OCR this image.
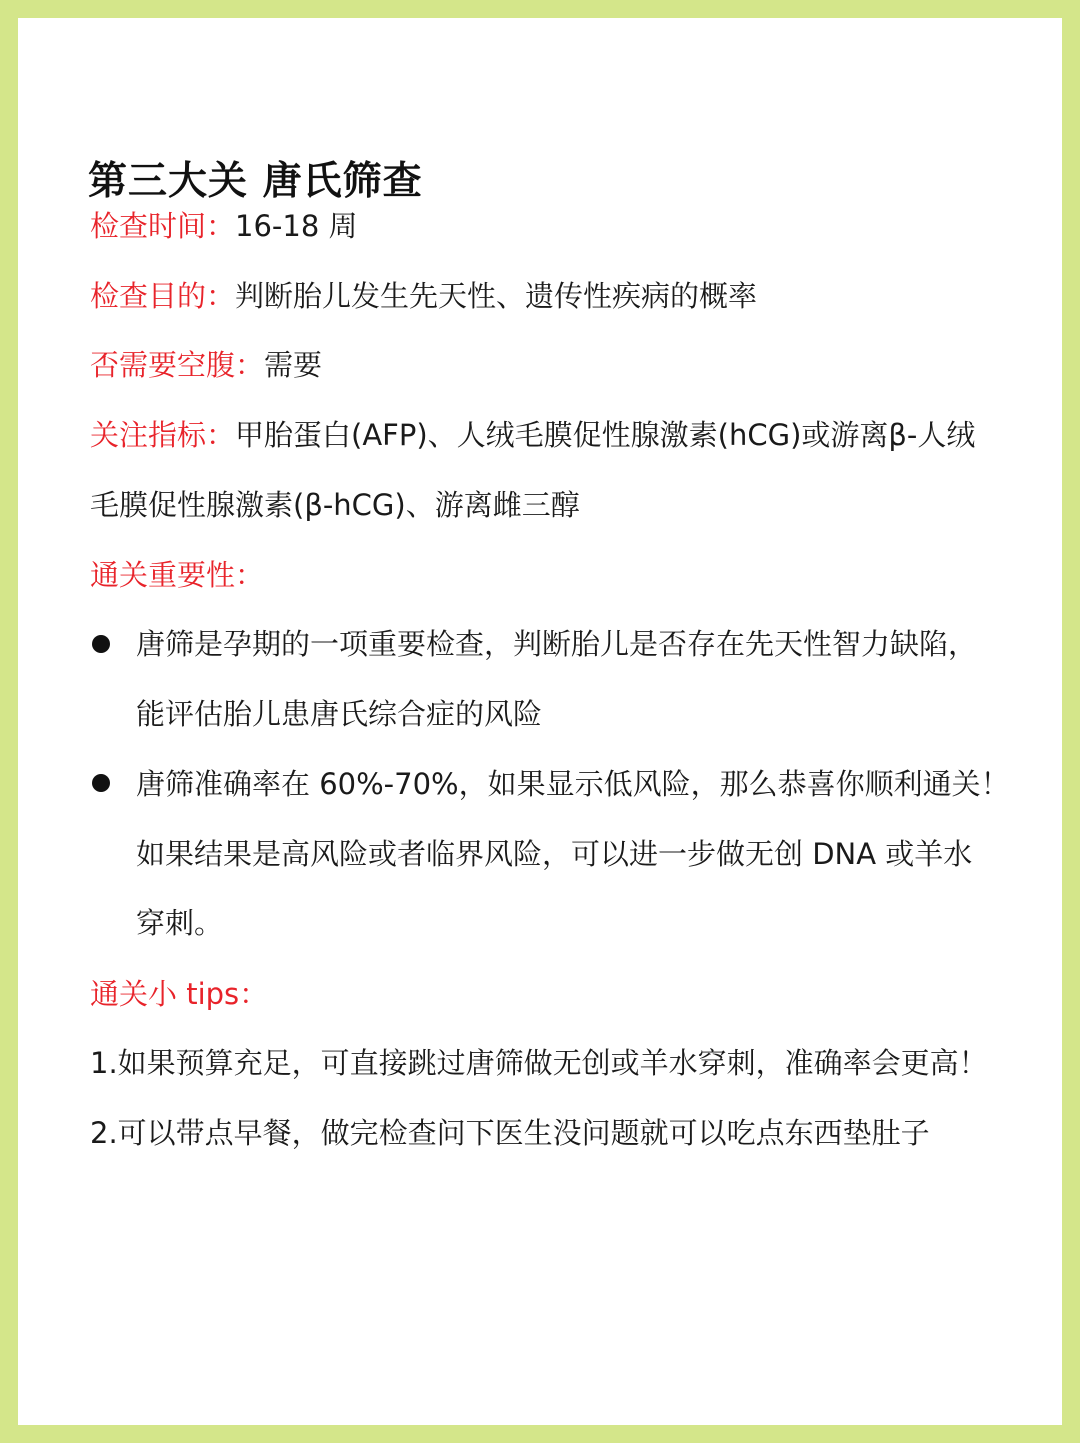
第三大关 唐氏筛查
检查时间：16-18 周
检查目的：判断胎儿发生先天性、遗传性疾病的概率
否需要空腹：需要
关注指标：甲胎蛋白(AFP)、人绒毛膜促性腺激素(hCG)或游离β-人绒
毛膜促性腺激素(β-hCG)、游离雌三醇
通关重要性：
唐筛是孕期的一项重要检查，判断胎儿是否存在先天性智力缺陷，
能评估胎儿患唐氏综合症的风险
唐筛准确率在 60%-70%，如果显示低风险，那么恭喜你顺利通关！
如果结果是高风险或者临界风险，可以进一步做无创 DNA 或羊水
穿刺。
通关小 tips：
1.如果预算充足，可直接跳过唐筛做无创或羊水穿刺，准确率会更高！
2.可以带点早餐，做完检查问下医生没问题就可以吃点东西垫肚子
